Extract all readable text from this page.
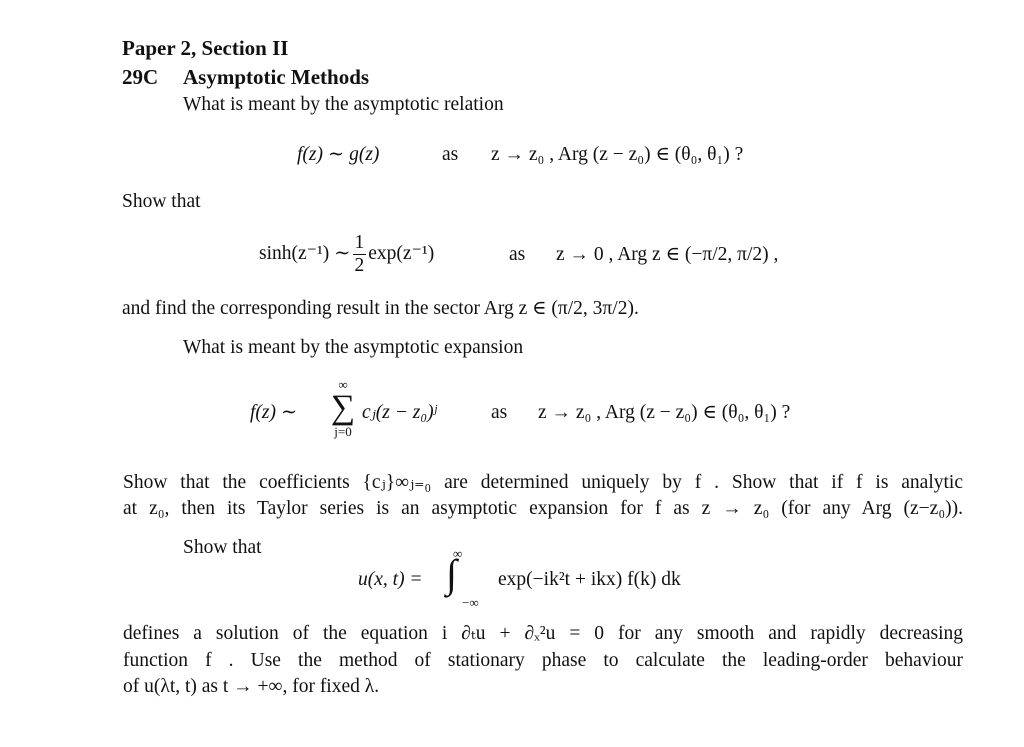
Paper 2, Section II
29C Asymptotic Methods
What is meant by the asymptotic relation
f(z) ∼ g(z)	as z → z₀ , Arg (z − z₀) ∈ (θ₀, θ₁) ?
Show that
sinh(z⁻¹) ∼ $\frac{1}{2} \exp(z^{-1})$	as z → 0 , Arg z ∈ (−π/2, π/2) ,
and find the corresponding result in the sector Arg z ∈ (π/2, 3π/2).
What is meant by the asymptotic expansion
f(z) ∼
∞
∑
j=0
cⱼ(z − z₀)ʲ	as z → z₀ , Arg (z − z₀) ∈ (θ₀, θ₁) ?
Show that the coefficients {cⱼ}∞ⱼ₌₀ are determined uniquely by f . Show that if f is analytic
at z₀, then its Taylor series is an asymptotic expansion for f as z → z₀ (for any Arg (z−z₀)).
Show that
u(x, t) =
∞
∫
−∞
exp(−ik²t + ikx) f(k) dk
defines a solution of the equation i ∂ₜu + ∂ₓ²u = 0 for any smooth and rapidly decreasing
function f . Use the method of stationary phase to calculate the leading-order behaviour
of u(λt, t) as t → +∞, for fixed λ.
